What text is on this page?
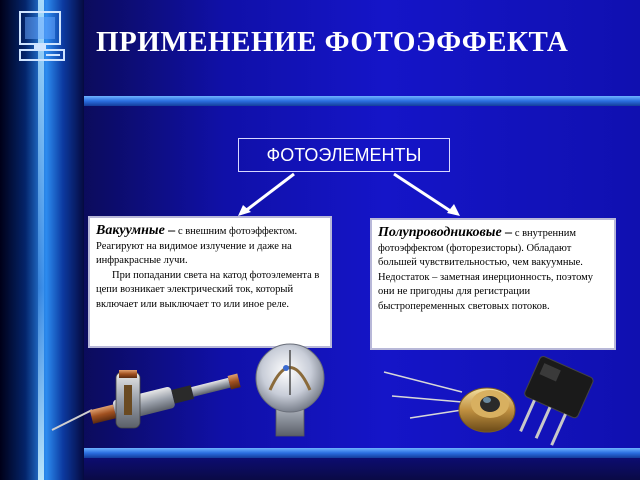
ПРИМЕНЕНИЕ ФОТОЭФФЕКТА
ФОТОЭЛЕМЕНТЫ
Вакуумные – с внешним фотоэффектом. Реагируют на видимое излучение и даже на инфракрасные лучи.
При попадании света на катод фотоэлемента в цепи возникает электрический ток, который включает или выключает то или иное реле.
Полупроводниковые – с внутренним фотоэффектом (фоторезисторы). Обладают большей чувствительностью, чем вакуумные. Недостаток – заметная инерционность, поэтому они не пригодны для регистрации быстропеременных световых потоков.
